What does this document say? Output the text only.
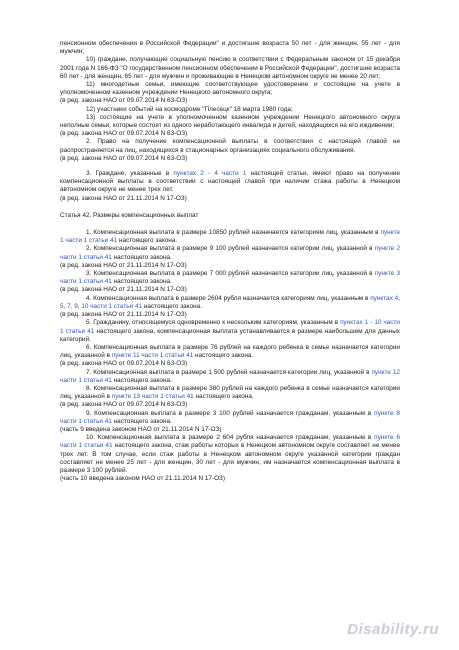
пенсионном обеспечении в Российской Федерации" и достигшие возраста 50 лет - для женщин, 55 лет - для мужчин;

10) граждане, получающие социальную пенсию в соответствии с Федеральным законом от 15 декабря 2001 года N 166-ФЗ "О государственном пенсионном обеспечении в Российской Федерации", достигшие возраста 60 лет - для женщин, 65 лет - для мужчин и проживающие в Ненецком автономном округе не менее 20 лет;

11) многодетные семьи, имеющие соответствующее удостоверение и состоящие на учете в уполномоченном казенном учреждении Ненецкого автономного округа;

(в ред. закона НАО от 09.07.2014 N 63-ОЗ)

12) участники событий на космодроме "Плесецк" 18 марта 1980 года;

13) состоящие на учете в уполномоченном казенном учреждении Ненецкого автономного округа неполные семьи, которые состоят из одного неработающего инвалида и детей, находящихся на его иждивении;

(в ред. закона НАО от 09.07.2014 N 63-ОЗ)

2. Право на получение компенсационной выплаты в соответствии с настоящей главой не распространяется на лиц, находящихся в стационарных организациях социального обслуживания.

(в ред. закона НАО от 09.07.2014 N 63-ОЗ)

3. Граждане, указанные в пунктах 2 - 4 части 1 настоящей статьи, имеют право на получение компенсационной выплаты в соответствии с настоящей главой при наличии стажа работы в Ненецком автономном округе не менее трех лет.

(в ред. закона НАО от 21.11.2014 N 17-ОЗ)

Статья 42. Размеры компенсационных выплат

1. Компенсационная выплата в размере 10850 рублей назначается категориям лиц, указанным в пункте 1 части 1 статьи 41 настоящего закона.

2. Компенсационная выплата в размере 9 100 рублей назначается категории лиц, указанной в пункте 2 части 1 статьи 41 настоящего закона.

(в ред. закона НАО от 21.11.2014 N 17-ОЗ)

3. Компенсационная выплата в размере 7 000 рублей назначается категории лиц, указанной в пункте 3 части 1 статьи 41 настоящего закона.

(в ред. закона НАО от 21.11.2014 N 17-ОЗ)

4. Компенсационная выплата в размере 2604 рубля назначается категориям лиц, указанным в пунктах 4, 5, 7, 9, 10 части 1 статьи 41 настоящего закона.

(в ред. закона НАО от 21.11.2014 N 17-ОЗ)

5. Гражданину, относящемуся одновременно к нескольким категориям, указанным в пунктах 1 - 10 части 1 статьи 41 настоящего закона, компенсационная выплата устанавливается в размере наибольшем для данных категорий.

6. Компенсационная выплата в размере 76 рублей на каждого ребенка в семье назначается категории лиц, указанной в пункте 11 части 1 статьи 41 настоящего закона.

(в ред. закона НАО от 09.07.2014 N 63-ОЗ)

7. Компенсационная выплата в размере 1 500 рублей назначается категории лиц, указанной в пункте 12 части 1 статьи 41 настоящего закона.

8. Компенсационная выплата в размере 380 рублей на каждого ребенка в семье назначается категории лиц, указанной в пункте 13 части 1 статьи 41 настоящего закона.

(в ред. закона НАО от 09.07.2014 N 63-ОЗ)

9. Компенсационная выплата в размере 3 100 рублей назначается гражданам, указанным в пункте 8 части 1 статьи 41 настоящего закона.

(часть 9 введена законом НАО от 21.11.2014 N 17-ОЗ)

10. Компенсационная выплата в размере 2 604 рубля назначается гражданам, указанным в пункте 6 части 1 статьи 41 настоящего закона, стаж работы которых в Ненецком автономном округе составляет не менее трех лет. В том случае, если стаж работы в Ненецком автономном округе указанной категории граждан составляет не менее 25 лет - для женщин, 30 лет - для мужчин, им назначается компенсационная выплата в размере 3 100 рублей.

(часть 10 введена законом НАО от 21.11.2014 N 17-ОЗ)

Disability.ru
